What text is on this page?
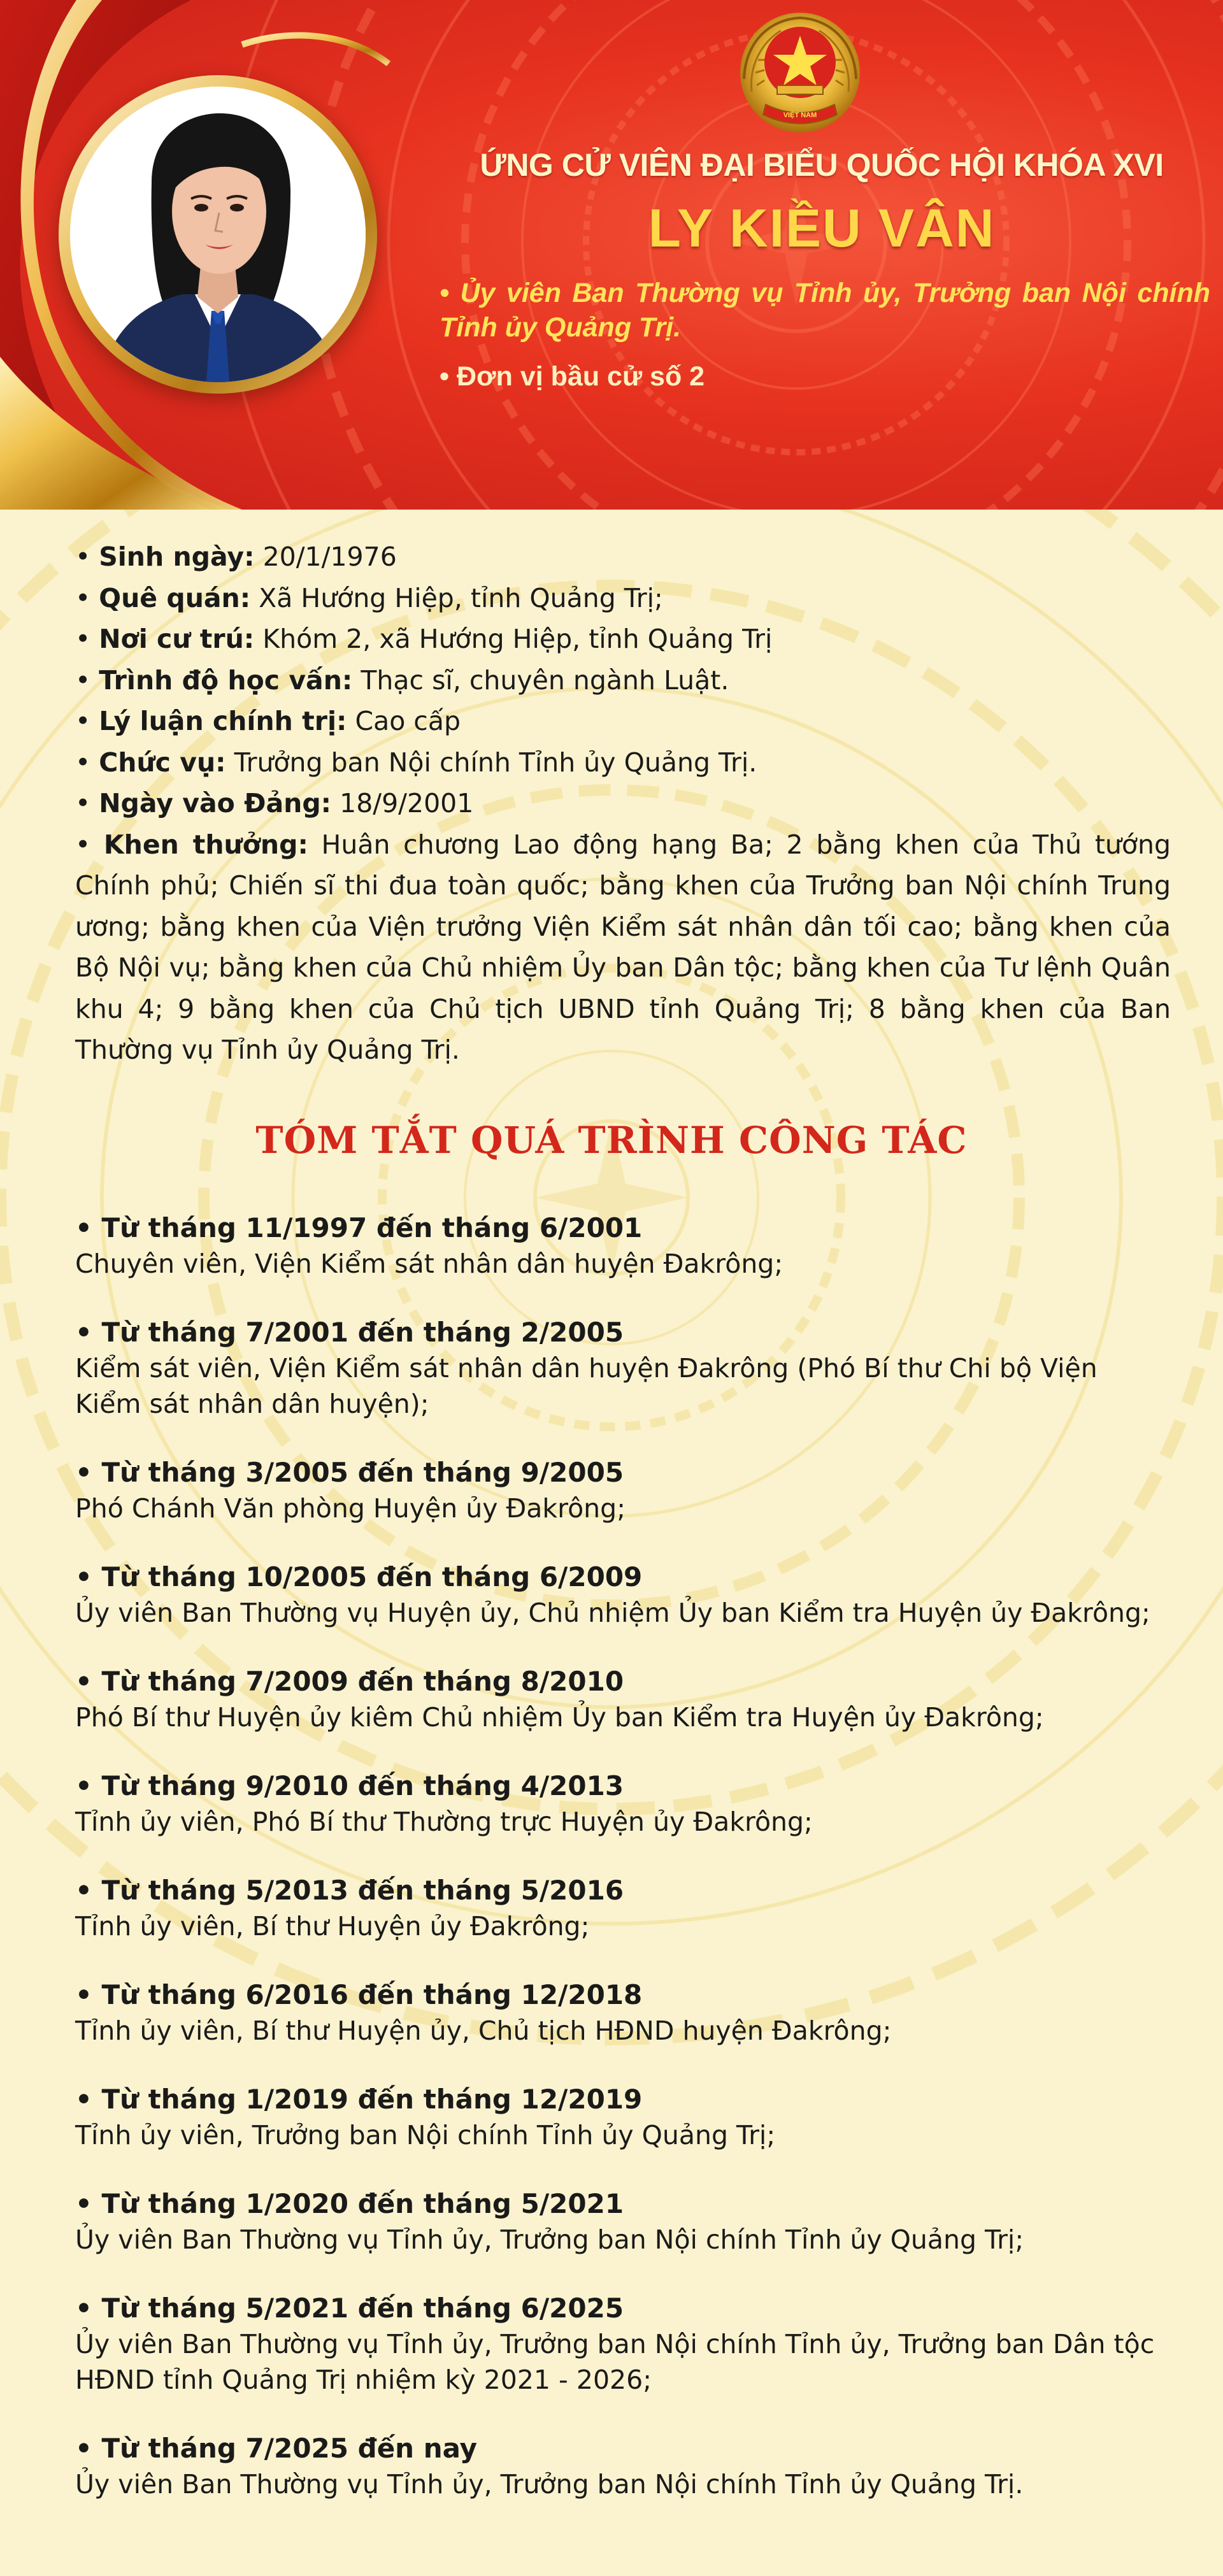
VIỆT NAM
ỨNG CỬ VIÊN ĐẠI BIỂU QUỐC HỘI KHÓA XVI
LY KIỀU VÂN

• Ủy viên Ban Thường vụ Tỉnh ủy, Trưởng ban Nội chính Tỉnh ủy Quảng Trị.

• Đơn vị bầu cử số 2

• Sinh ngày: 20/1/1976

• Quê quán: Xã Hướng Hiệp, tỉnh Quảng Trị;

• Nơi cư trú: Khóm 2, xã Hướng Hiệp, tỉnh Quảng Trị

• Trình độ học vấn: Thạc sĩ, chuyên ngành Luật.

• Lý luận chính trị: Cao cấp

• Chức vụ: Trưởng ban Nội chính Tỉnh ủy Quảng Trị.

• Ngày vào Đảng: 18/9/2001

• Khen thưởng: Huân chương Lao động hạng Ba; 2 bằng khen của Thủ tướng Chính phủ; Chiến sĩ thi đua toàn quốc; bằng khen của Trưởng ban Nội chính Trung ương; bằng khen của Viện trưởng Viện Kiểm sát nhân dân tối cao; bằng khen của Bộ Nội vụ; bằng khen của Chủ nhiệm Ủy ban Dân tộc; bằng khen của Tư lệnh Quân khu 4; 9 bằng khen của Chủ tịch UBND tỉnh Quảng Trị; 8 bằng khen của Ban Thường vụ Tỉnh ủy Quảng Trị.

TÓM TẮT QUÁ TRÌNH CÔNG TÁC
• Từ tháng 11/1997 đến tháng 6/2001
Chuyên viên, Viện Kiểm sát nhân dân huyện Đakrông;
• Từ tháng 7/2001 đến tháng 2/2005
Kiểm sát viên, Viện Kiểm sát nhân dân huyện Đakrông (Phó Bí thư Chi bộ Viện Kiểm sát nhân dân huyện);
• Từ tháng 3/2005 đến tháng 9/2005
Phó Chánh Văn phòng Huyện ủy Đakrông;
• Từ tháng 10/2005 đến tháng 6/2009
Ủy viên Ban Thường vụ Huyện ủy, Chủ nhiệm Ủy ban Kiểm tra Huyện ủy Đakrông;
• Từ tháng 7/2009 đến tháng 8/2010
Phó Bí thư Huyện ủy kiêm Chủ nhiệm Ủy ban Kiểm tra Huyện ủy Đakrông;
• Từ tháng 9/2010 đến tháng 4/2013
Tỉnh ủy viên, Phó Bí thư Thường trực Huyện ủy Đakrông;
• Từ tháng 5/2013 đến tháng 5/2016
Tỉnh ủy viên, Bí thư Huyện ủy Đakrông;
• Từ tháng 6/2016 đến tháng 12/2018
Tỉnh ủy viên, Bí thư Huyện ủy, Chủ tịch HĐND huyện Đakrông;
• Từ tháng 1/2019 đến tháng 12/2019
Tỉnh ủy viên, Trưởng ban Nội chính Tỉnh ủy Quảng Trị;
• Từ tháng 1/2020 đến tháng 5/2021
Ủy viên Ban Thường vụ Tỉnh ủy, Trưởng ban Nội chính Tỉnh ủy Quảng Trị;
• Từ tháng 5/2021 đến tháng 6/2025
Ủy viên Ban Thường vụ Tỉnh ủy, Trưởng ban Nội chính Tỉnh ủy, Trưởng ban Dân tộc HĐND tỉnh Quảng Trị nhiệm kỳ 2021 - 2026;
• Từ tháng 7/2025 đến nay
Ủy viên Ban Thường vụ Tỉnh ủy, Trưởng ban Nội chính Tỉnh ủy Quảng Trị.
